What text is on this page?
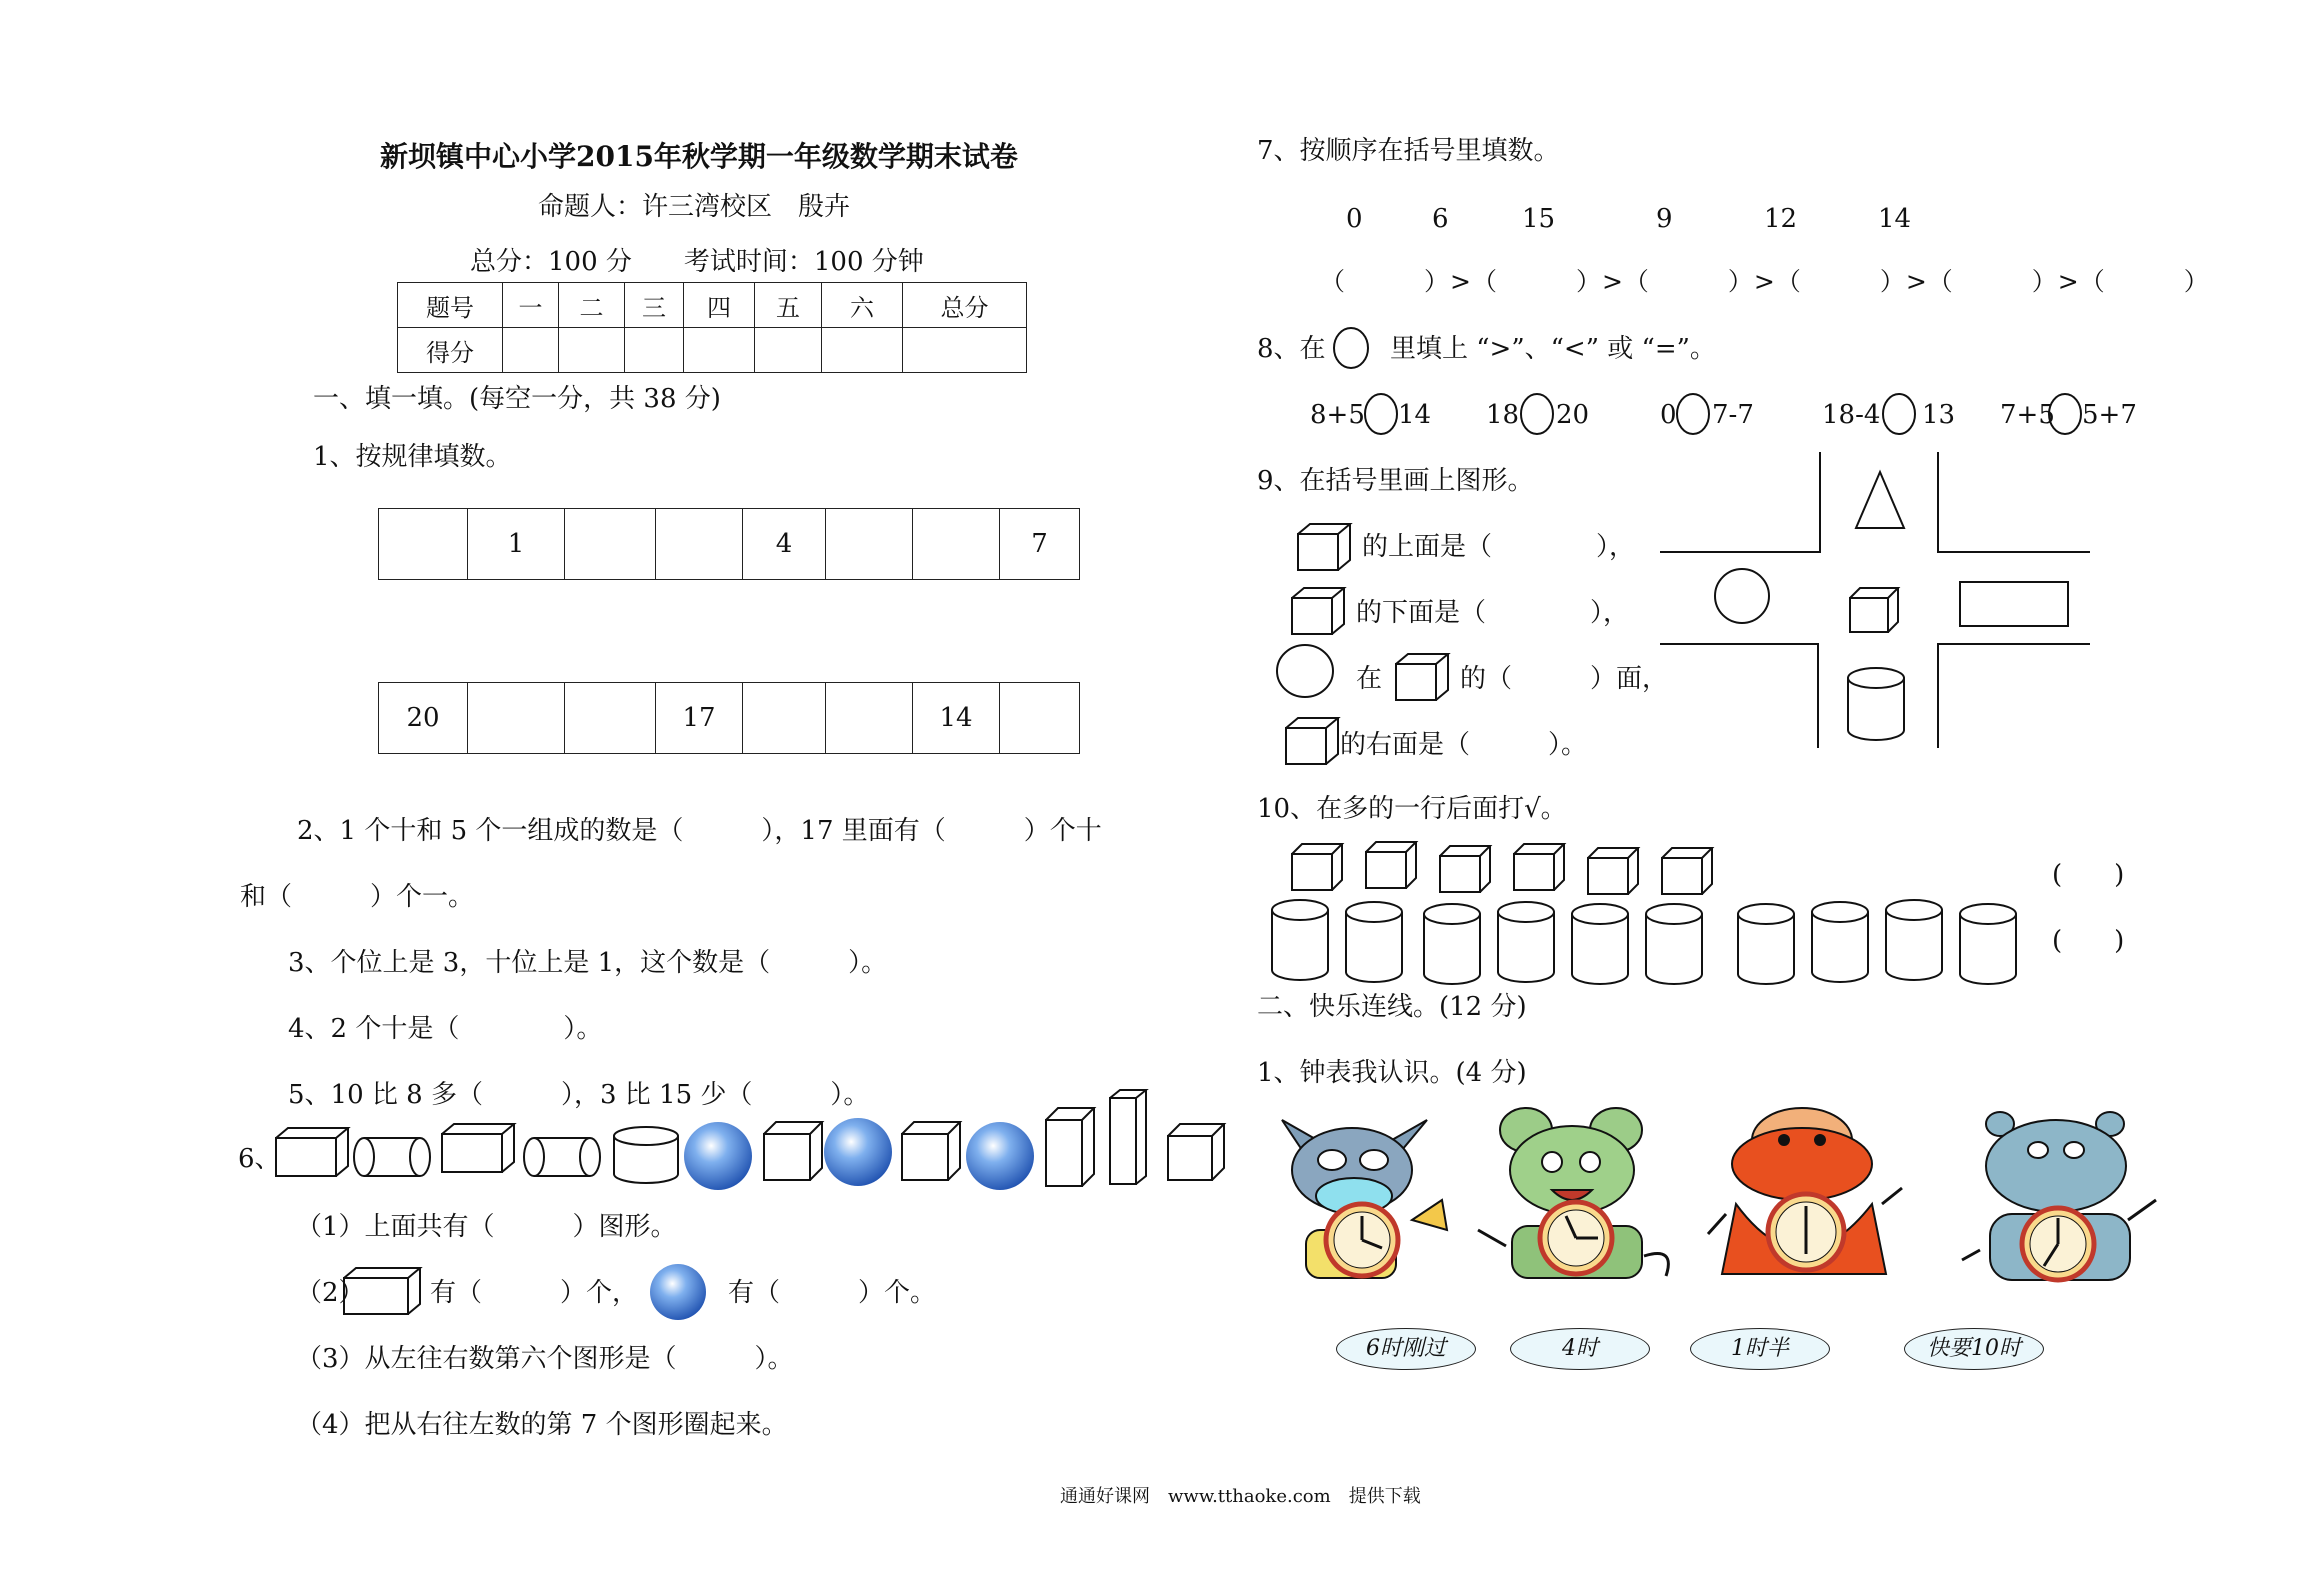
新坝镇中心小学2015年秋学期一年级数学期末试卷
命题人：许三湾校区　殷卉
总分：100 分　　考试时间：100 分钟
题号	一	二	三	四	五	六	总分
得分							
一、填一填。(每空一分，共 38 分)
1、按规律填数。
	1			4			7
20			17			14	
2、1 个十和 5 个一组成的数是（　　　），17 里面有（　　　）个十
和（　　　）个一。
3、个位上是 3，十位上是 1，这个数是（　　　）。
4、2 个十是（　　　　）。
5、10 比 8 多（　　　），3 比 15 少（　　　）。
6、
（1）上面共有（　　　）图形。
（2）	有（　　　）个，	有（　　　）个。
（3）从左往右数第六个图形是（　　　）。
（4）把从右往左数的第 7 个图形圈起来。
7、按顺序在括号里填数。
0	6	15	9	12	14
（　　　）>（　　　）>（　　　）>（　　　）>（　　　）>（　　　）
8、在 里填上 “>”、“<” 或 “=”。
8+5 14 18 20	0 7-7	18-4 13 7+5 5+7
9、在括号里画上图形。
的上面是（　　　　），
的下面是（　　　　），
在	的（　　　）面，
的右面是（　　　）。
10、在多的一行后面打√。
(　　)
(　　)
二、快乐连线。(12 分)
1、钟表我认识。(4 分)
6时刚过	4时	1时半	快要10时
通通好课网　www.tthaoke.com　提供下载
